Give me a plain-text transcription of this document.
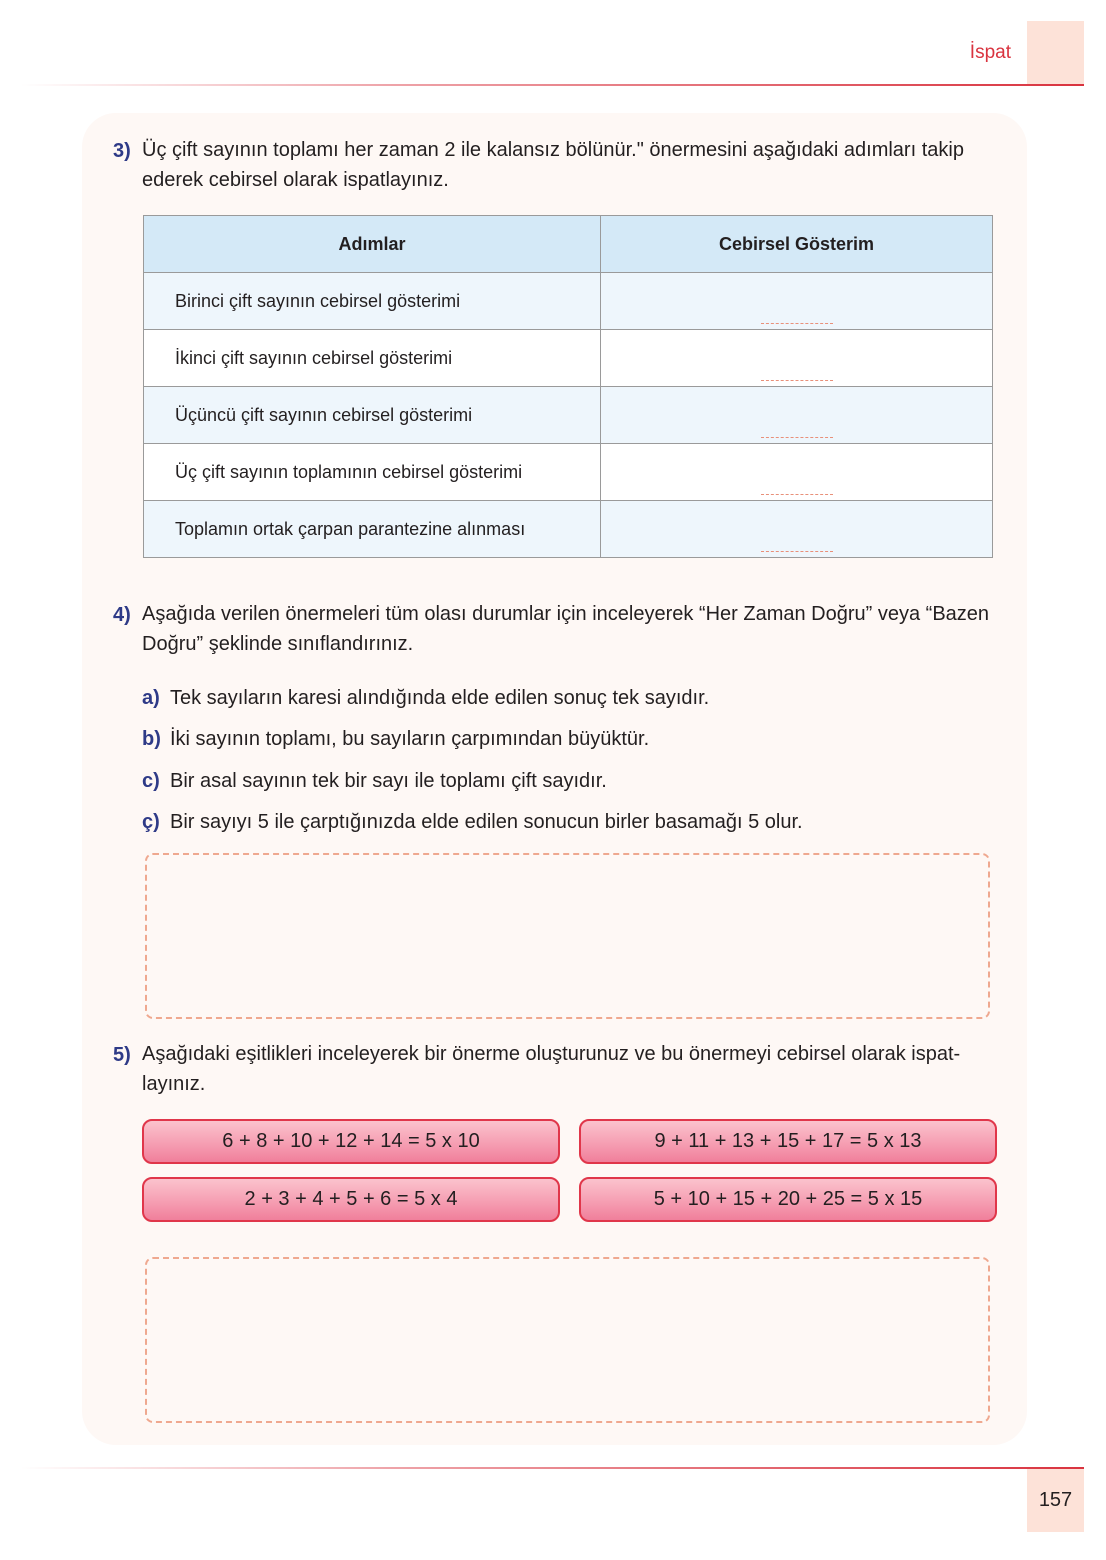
İspat
3) Üç çift sayının toplamı her zaman 2 ile kalansız bölünür." önermesini aşağıdaki adımları takip
ederek cebirsel olarak ispatlayınız.
Adımlar	Cebirsel Gösterim
Birinci çift sayının cebirsel gösterimi	

İkinci çift sayının cebirsel gösterimi	

Üçüncü çift sayının cebirsel gösterimi	

Üç çift sayının toplamının cebirsel gösterimi	

Toplamın ortak çarpan parantezine alınması	
4) Aşağıda verilen önermeleri tüm olası durumlar için inceleyerek “Her Zaman Doğru” veya “Bazen
Doğru” şeklinde sınıflandırınız.
a) Tek sayıların karesi alındığında elde edilen sonuç tek sayıdır.
b) İki sayının toplamı, bu sayıların çarpımından büyüktür.
c) Bir asal sayının tek bir sayı ile toplamı çift sayıdır.
ç) Bir sayıyı 5 ile çarptığınızda elde edilen sonucun birler basamağı 5 olur.
5) Aşağıdaki eşitlikleri inceleyerek bir önerme oluşturunuz ve bu önermeyi cebirsel olarak ispat-
layınız.
6 + 8 + 10 + 12 + 14 = 5 x 10	9 + 11 + 13 + 15 + 17 = 5 x 13
2 + 3 + 4 + 5 + 6 = 5 x 4	5 + 10 + 15 + 20 + 25 = 5 x 15
157
